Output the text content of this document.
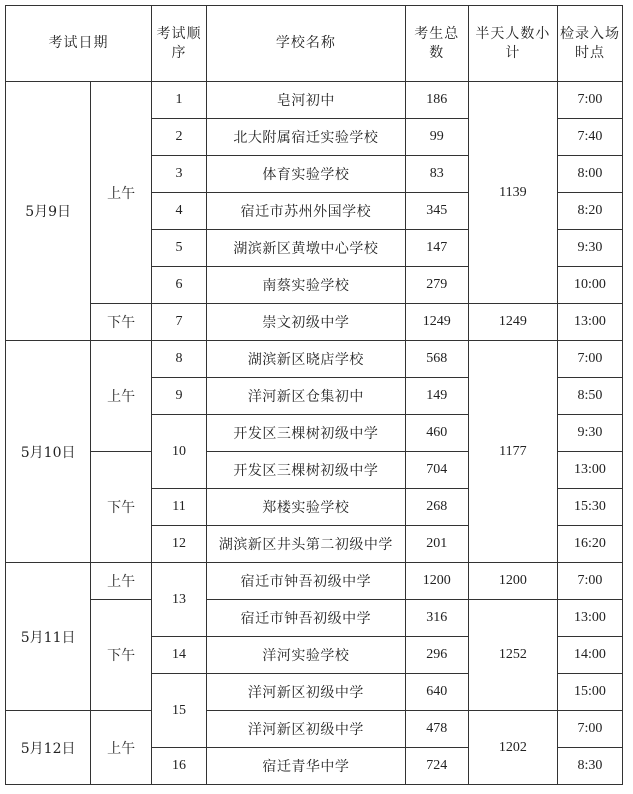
考试日期		考试顺序	学校名称	考生总数	半天人数小计	检录入场时点
5月9日	上午	1	皂河初中	186	1139	7:00
		2	北大附属宿迁实验学校	99		7:40
		3	体育实验学校	83		8:00
		4	宿迁市苏州外国学校	345		8:20
		5	湖滨新区黄墩中心学校	147		9:30
		6	南蔡实验学校	279		10:00
	下午	7	崇文初级中学	1249	1249	13:00
5月10日	上午	8	湖滨新区晓店学校	568	1177	7:00
		9	洋河新区仓集初中	149		8:50
		10	开发区三棵树初级中学	460		9:30
	下午		开发区三棵树初级中学	704		13:00
		11	郑楼实验学校	268		15:30
		12	湖滨新区井头第二初级中学	201		16:20
5月11日	上午	13	宿迁市钟吾初级中学	1200	1200	7:00
	下午		宿迁市钟吾初级中学	316	1252	13:00
		14	洋河实验学校	296		14:00
		15	洋河新区初级中学	640		15:00
5月12日	上午		洋河新区初级中学	478	1202	7:00
		16	宿迁青华中学	724		8:30
